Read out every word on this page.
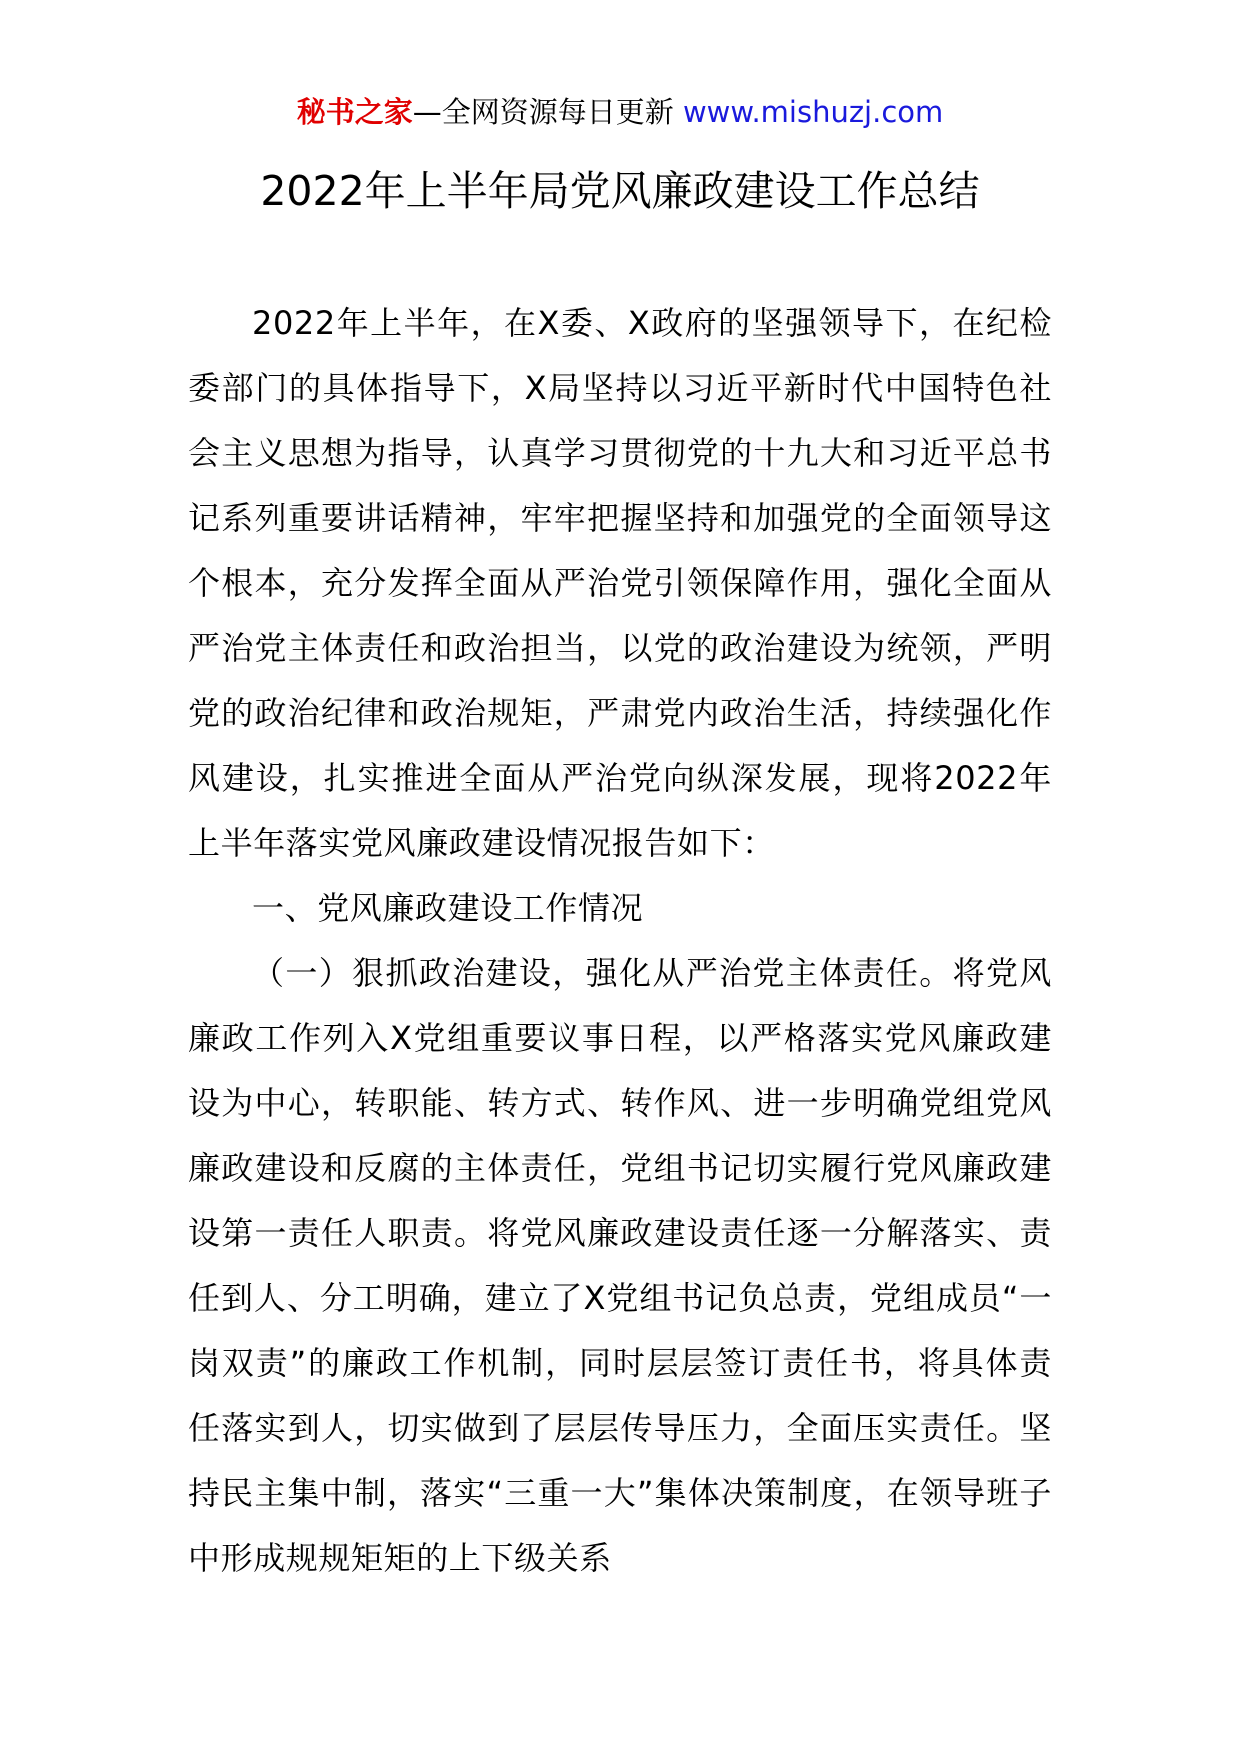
秘书之家—全网资源每日更新 www.mishuzj.com
2022年上半年局党风廉政建设工作总结

2022年上半年，在X委、X政府的坚强领导下，在纪检委部门的具体指导下，X局坚持以习近平新时代中国特色社会主义思想为指导，认真学习贯彻党的十九大和习近平总书记系列重要讲话精神，牢牢把握坚持和加强党的全面领导这个根本，充分发挥全面从严治党引领保障作用，强化全面从严治党主体责任和政治担当，以党的政治建设为统领，严明党的政治纪律和政治规矩，严肃党内政治生活，持续强化作风建设，扎实推进全面从严治党向纵深发展，现将2022年上半年落实党风廉政建设情况报告如下：

一、党风廉政建设工作情况

（一）狠抓政治建设，强化从严治党主体责任。将党风廉政工作列入X党组重要议事日程，以严格落实党风廉政建设为中心，转职能、转方式、转作风、进一步明确党组党风廉政建设和反腐的主体责任，党组书记切实履行党风廉政建设第一责任人职责。将党风廉政建设责任逐一分解落实、责任到人、分工明确，建立了X党组书记负总责，党组成员“一岗双责”的廉政工作机制，同时层层签订责任书，将具体责任落实到人，切实做到了层层传导压力，全面压实责任。坚持民主集中制，落实“三重一大”集体决策制度，在领导班子中形成规规矩矩的上下级关系
